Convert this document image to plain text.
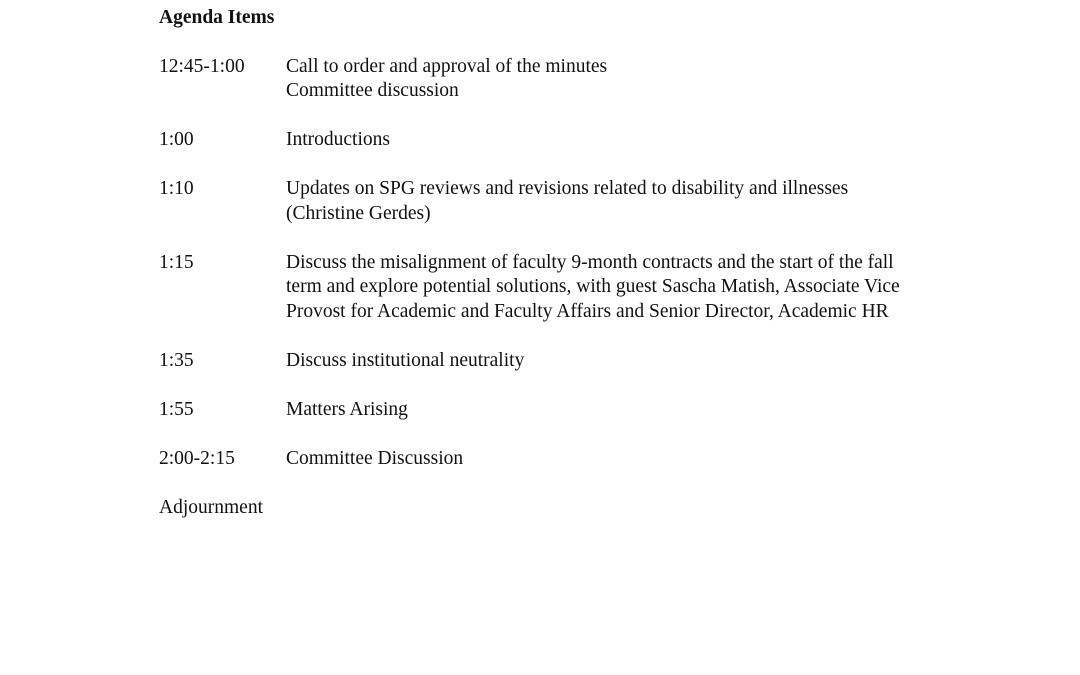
Agenda Items
12:45-1:00	Call to order and approval of the minutes
Committee discussion
1:00	Introductions
1:10	Updates on SPG reviews and revisions related to disability and illnesses
(Christine Gerdes)
1:15	Discuss the misalignment of faculty 9-month contracts and the start of the fall
term and explore potential solutions, with guest Sascha Matish, Associate Vice
Provost for Academic and Faculty Affairs and Senior Director, Academic HR
1:35	Discuss institutional neutrality
1:55	Matters Arising
2:00-2:15	Committee Discussion
Adjournment
